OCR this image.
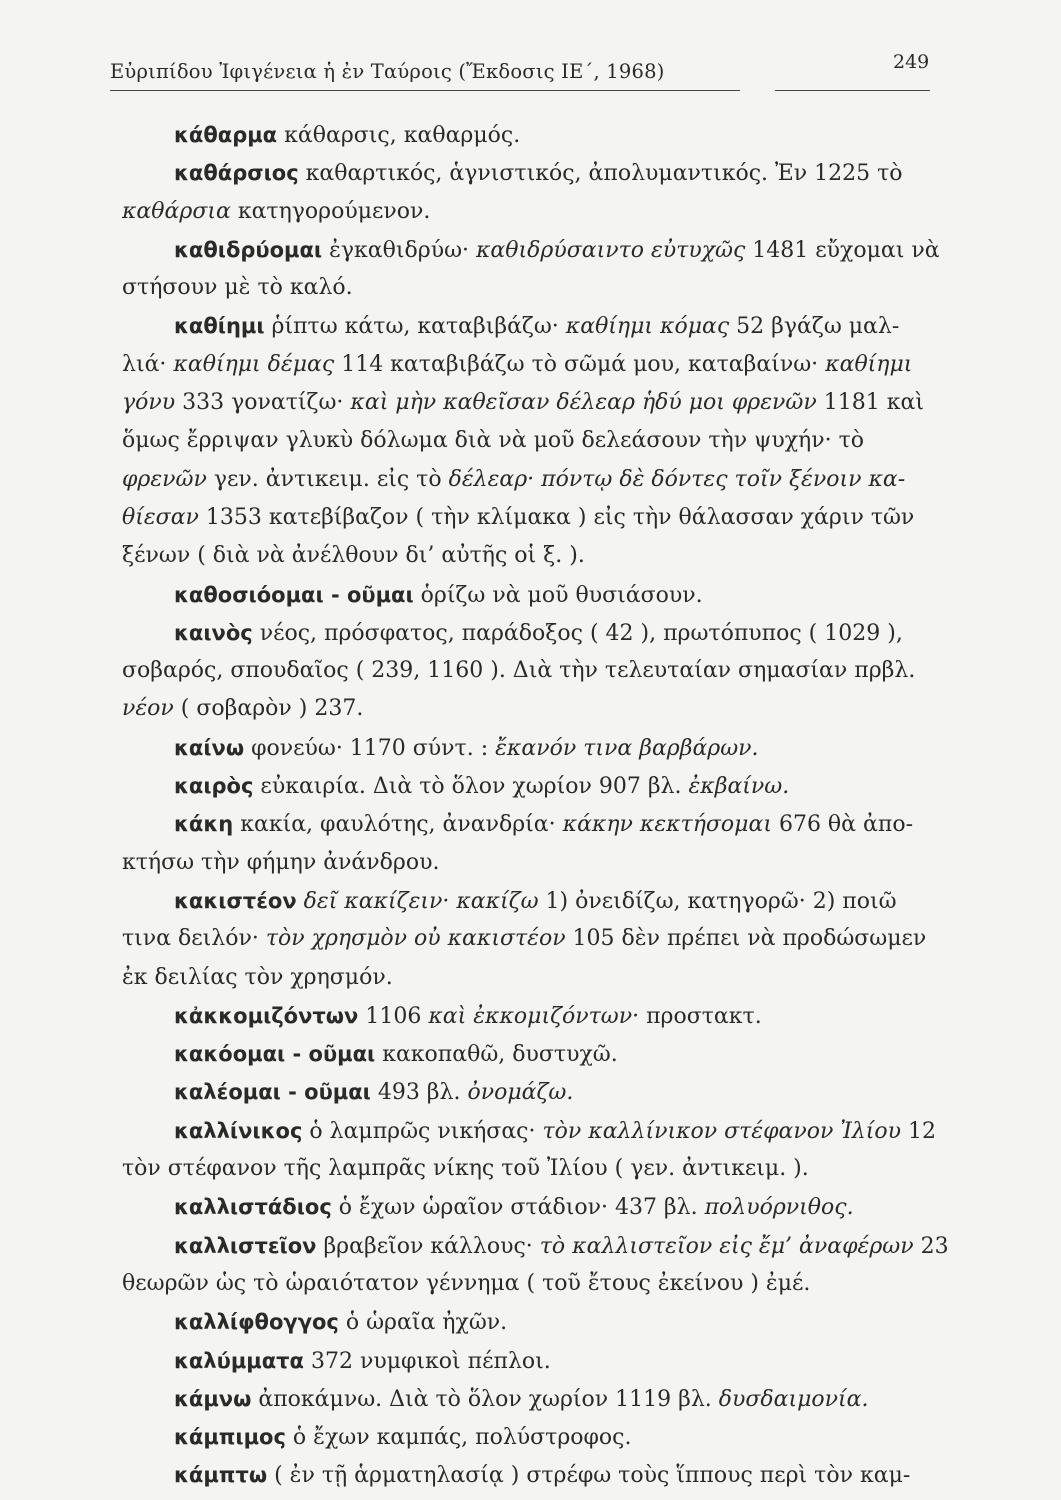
Εὐριπίδου Ἰφιγένεια ἡ ἐν Ταύροις (Ἔκδοσις ΙΕ΄, 1968)	249
κάθαρμα κάθαρσις, καθαρμός.
καθάρσιος καθαρτικός, ἁγνιστικός, ἀπολυμαντικός. Ἐν 1225 τὸ
καθάρσια κατηγορούμενον.
καθιδρύομαι ἐγκαθιδρύω· καθιδρύσαιντο εὐτυχῶς 1481 εὔχομαι νὰ
στήσουν μὲ τὸ καλό.
καθίημι ῥίπτω κάτω, καταβιβάζω· καθίημι κόμας 52 βγάζω μαλ-
λιά· καθίημι δέμας 114 καταβιβάζω τὸ σῶμά μου, καταβαίνω· καθίημι
γόνυ 333 γονατίζω· καὶ μὴν καθεῖσαν δέλεαρ ἡδύ μοι φρενῶν 1181 καὶ
ὅμως ἔρριψαν γλυκὺ δόλωμα διὰ νὰ μοῦ δελεάσουν τὴν ψυχήν· τὸ
φρενῶν γεν. ἀντικειμ. εἰς τὸ δέλεαρ· πόντῳ δὲ δόντες τοῖν ξένοιν κα-
θίεσαν 1353 κατεβίβαζον ( τὴν κλίμακα ) εἰς τὴν θάλασσαν χάριν τῶν
ξένων ( διὰ νὰ ἀνέλθουν δι’ αὐτῆς οἱ ξ. ).
καθοσιόομαι - οῦμαι ὁρίζω νὰ μοῦ θυσιάσουν.
καινὸς νέος, πρόσφατος, παράδοξος ( 42 ), πρωτόπυπος ( 1029 ),
σοβαρός, σπουδαῖος ( 239, 1160 ). Διὰ τὴν τελευταίαν σημασίαν πρβλ.
νέον ( σοβαρὸν ) 237.
καίνω φονεύω· 1170 σύντ. : ἔκανόν τινα βαρβάρων.
καιρὸς εὐκαιρία. Διὰ τὸ ὅλον χωρίον 907 βλ. ἐκβαίνω.
κάκη κακία, φαυλότης, ἀνανδρία· κάκην κεκτήσομαι 676 θὰ ἀπο-
κτήσω τὴν φήμην ἀνάνδρου.
κακιστέον δεῖ κακίζειν· κακίζω 1) ὀνειδίζω, κατηγορῶ· 2) ποιῶ
τινα δειλόν· τὸν χρησμὸν οὐ κακιστέον 105 δὲν πρέπει νὰ προδώσωμεν
ἐκ δειλίας τὸν χρησμόν.
κἀκκομιζόντων 1106 καὶ ἐκκομιζόντων· προστακτ.
κακόομαι - οῦμαι κακοπαθῶ, δυστυχῶ.
καλέομαι - οῦμαι 493 βλ. ὀνομάζω.
καλλίνικος ὁ λαμπρῶς νικήσας· τὸν καλλίνικον στέφανον Ἰλίου 12
τὸν στέφανον τῆς λαμπρᾶς νίκης τοῦ Ἰλίου ( γεν. ἀντικειμ. ).
καλλιστάδιος ὁ ἔχων ὡραῖον στάδιον· 437 βλ. πολυόρνιθος.
καλλιστεῖον βραβεῖον κάλλους· τὸ καλλιστεῖον εἰς ἔμ’ ἀναφέρων 23
θεωρῶν ὡς τὸ ὡραιότατον γέννημα ( τοῦ ἔτους ἐκείνου ) ἐμέ.
καλλίφθογγος ὁ ὡραῖα ἠχῶν.
καλύμματα 372 νυμφικοὶ πέπλοι.
κάμνω ἀποκάμνω. Διὰ τὸ ὅλον χωρίον 1119 βλ. δυσδαιμονία.
κάμπιμος ὁ ἔχων καμπάς, πολύστροφος.
κάμπτω ( ἐν τῇ ἁρματηλασίᾳ ) στρέφω τοὺς ἵππους περὶ τὸν καμ-
